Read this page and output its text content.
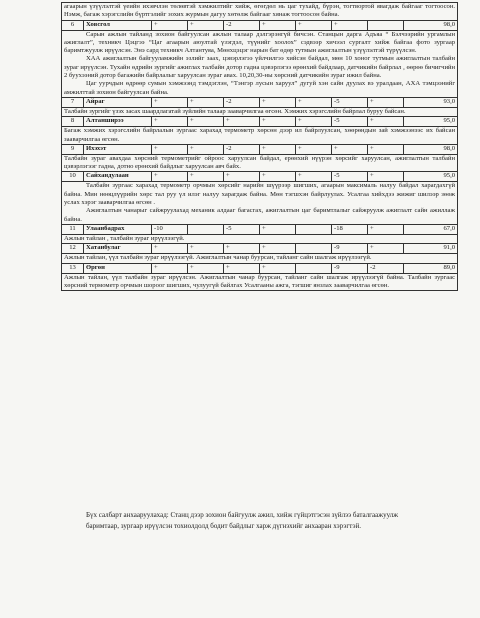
агаарын үзүүлэлтэй үеийн ихэвчлэн төлөвтэй хэмжилтийг хийж, өгөгдөл нь цаг тухайд, бүрэн, тогтвортой явагдаж байгааг тогтоосон. Нэмж, багаж хэрэгслийн бүртгэлийг зохих журмын дагуу хөтөлж байгааг хянаж тогтоосон байна.									

6	Ховсгол	+	+	-2	+	+	+		98,0

Сарын ажлын тайланд зохион байгуулсан ажлын талаар дэлгэрэнгүй бичсэн. Станцын дарга Адъяа “ Бэлчээрийн ургамлын ажиглалт”, техникч Цэцгээ “Цаг агаарын аюултай үзэгдэл, түүнийг хоолох” сэдвээр хичээл сургалт хийж байгаа фото зургаар баримтжуулж ирүүлсэн. Энэ сард техникч Алтантуяа, Мөнхцэцэг нарын бат өдөр тутмын ажиглалтын үзүүлэлтэй түрүүлсэн.

ХАА ажиглалтын байгууламжийн эзлийг заах, цэвэрлэгээ үйлчилгээ хийсэн байдал, мөн 10 хоног тутмын ажиглалтын талбайн зураг ирүүлсэн. Тухайн өдрийн зургийг ажиглах талбайн дотор гадна цэвэрлэгээ өрөнхий байдлаар, датчикийн байрлал , өөрөө бичигчийн 2 буухээний дотор багажийн байрлалыг харуулсан зураг авах. 10,20,30-ны хөрсний датчикийн зураг ижил байна.

Цаг уурчдын өдрөөр сумын хэмжээнд тэмдэглэн, “Тэнгэр лусын харуул” дугуй хэн сайн дуулах вэ уралдаан, АХА тэмцээнийг амжилттай зохион байгуулсан байна.									

7	Айраг	+	+	-2	+	+	-5	+	93,0

Талбайн зургийг үзэх засах шаардлагатай зүйлийн талаар зааварчилгаа өгсөн. Хэмжих хэрэгслийн байрлал буруу байсан.									

8	Алтанширээ	+	+	+	+	+	-5	+	95,0

Багаж хэмжих хэрэгслийн байрлалын зургаас харахад термометр хөрсөн дээр ил байрлуулсан, хөөрөндын зай хэмжээнээс их байсан зааварчилгаа өгсөн.									

9	Ихэхэт	+	+	-2	+	+	+	+	98,0

Талбайн зураг авахдаа хөрсний термометрийг ойроос харуулсан байдал, ерөнхий нүүрэн хөрсийг харуулсан, ажиглалтын талбайн цэвэрлэгээг гадна, дотно ерөнхий байдлыг харуулсан авч байх.									

10	Сайхандулаан	+	+	+	+	+	-5	+	95,0

Талбайн зургаас харахад термометр орчмын хөрсийг нарийн шүүрээр шигших, агаарын максималь налуу байдал харагдахгүй байна. Мин нөөцлүүрийн хөрс тал руу үл илэг налуу харагдаж байна. Мөн тэгшхэн байрлуулах. Усалгаа хийхдээ жижиг шилээр зөөж услах хэрэг зааварчилгаа өгсөн .

Ажиглалтын чанарыг сайжруулахад механик алдааг багасгах, ажиглалтын цаг баримтлалыг сайжруулж ажиглалт сайн ажиллаж байна.									

11	Улаанбадрах	-10		-5	+		-18	+	67,0

Ажлын тайлан , талбайн зураг ирүүлээгүй.									

12	Хатанбулаг	+	+	+	+		-9	+	91,0

Ажлын тайлан, үүл талбайн зураг ирүүлээгүй. Ажиглалтын чанар буурсан, тайланг сайн шалгаж ирүүлээгүй.									

13	Өргөн	+	+	+	+		-9	-2	89,0

Ажлын тайлан, үүл талбайн зураг ирүүлсэн. Ажиглалтын чанар буурсан, тайланг сайн шалгаж ирүүлээгүй байна. Талбайн зургаас хөрсний термометр орчмын шороог шигших, чулуугүй байлгах Усалгааны ажга, тэгшиг янзлах зааварчилгаа өгсөн.									

Бүх салбарт анхааруулахад: Станц дээр зохион байгуулж ажил, хийж гүйцэтгэсэн зүйлээ баталгаажуулж баримтаар, зургаар ирүүлсэн тохиолдолд бодит байдлыг харж дүгнэхийг анхааран хэрэгтэй.
